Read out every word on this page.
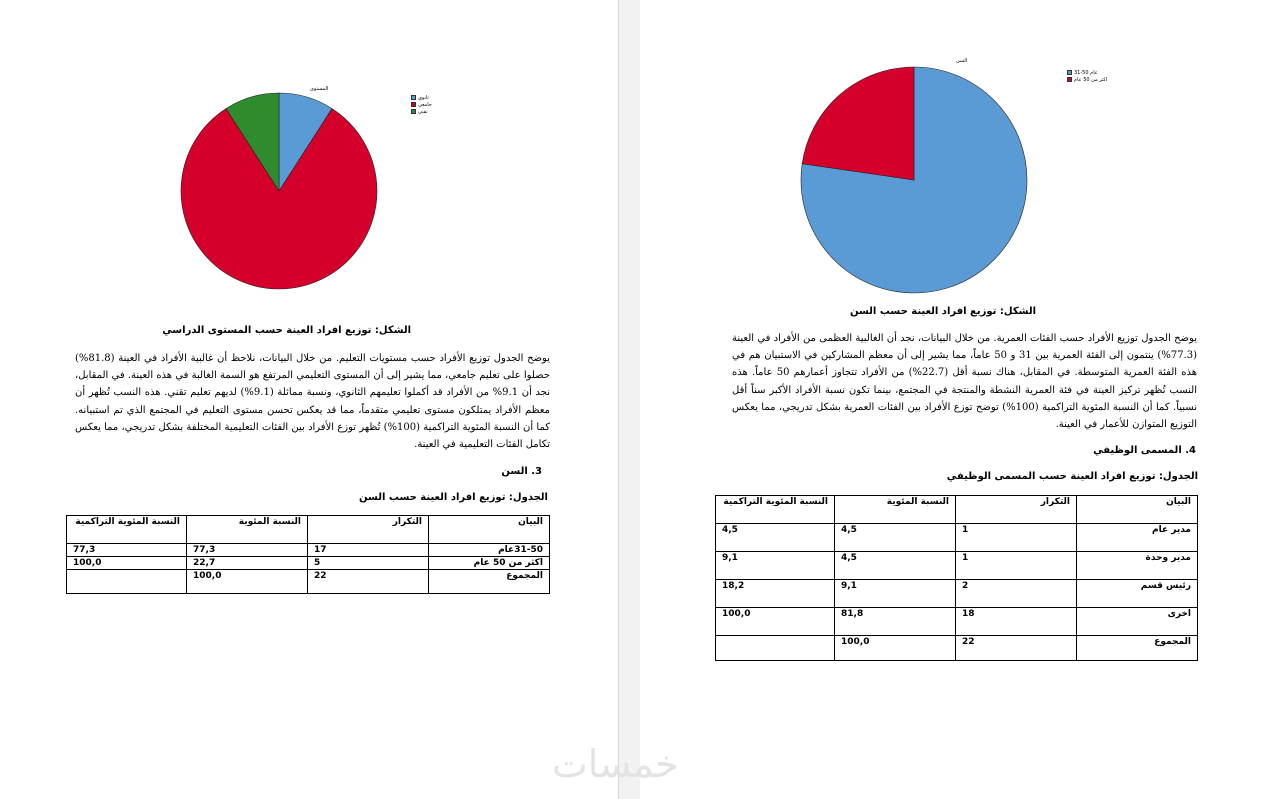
المستوى
ثانوي
جامعي
تقني
الشكل: توزيع افراد العينة حسب المستوى الدراسي
يوضح الجدول توزيع الأفراد حسب مستويات التعليم. من خلال البيانات، نلاحظ أن غالبية الأفراد في العينة (81.8%) حصلوا على تعليم جامعي، مما يشير إلى أن المستوى التعليمي المرتفع هو السمة الغالبة في هذه العينة. في المقابل، نجد أن 9.1% من الأفراد قد أكملوا تعليمهم الثانوي، ونسبة مماثلة (9.1%) لديهم تعليم تقني. هذه النسب تُظهر أن معظم الأفراد يمتلكون مستوى تعليمي متقدماً، مما قد يعكس تحسن مستوى التعليم في المجتمع الذي تم استبيانه. كما أن النسبة المئوية التراكمية (100%) تُظهر توزع الأفراد بين الفئات التعليمية المختلفة بشكل تدريجي، مما يعكس تكامل الفئات التعليمية في العينة.
3. السن
الجدول: توزيع افراد العينة حسب السن
البيان	التكرار	النسبة المئوية	النسبة المئوية التراكمية
31-50عام	17	77,3	77,3
اكثر من 50 عام	5	22,7	100,0
المجموع	22	100,0	
السن
31-50 عام
اكثر من 50 عام
الشكل: توزيع افراد العينة حسب السن
يوضح الجدول توزيع الأفراد حسب الفئات العمرية. من خلال البيانات، نجد أن الغالبية العظمى من الأفراد في العينة (77.3%) ينتمون إلى الفئة العمرية بين 31 و 50 عاماً، مما يشير إلى أن معظم المشاركين في الاستبيان هم في هذه الفئة العمرية المتوسطة. في المقابل، هناك نسبة أقل (22.7%) من الأفراد تتجاوز أعمارهم 50 عاماً. هذه النسب تُظهر تركيز العينة في فئة العمرية النشطة والمنتجة في المجتمع، بينما تكون نسبة الأفراد الأكبر سناً أقل نسبياً. كما أن النسبة المئوية التراكمية (100%) توضح توزع الأفراد بين الفئات العمرية بشكل تدريجي، مما يعكس التوزيع المتوازن للأعمار في العينة.
4. المسمى الوظيفي
الجدول: توزيع افراد العينة حسب المسمى الوظيفي
البيان	التكرار	النسبة المئوية	النسبة المئوية التراكمية
مدير عام	1	4,5	4,5
مدير وحدة	1	4,5	9,1
رئيس قسم	2	9,1	18,2
اخرى	18	81,8	100,0
المجموع	22	100,0	
خمسات
